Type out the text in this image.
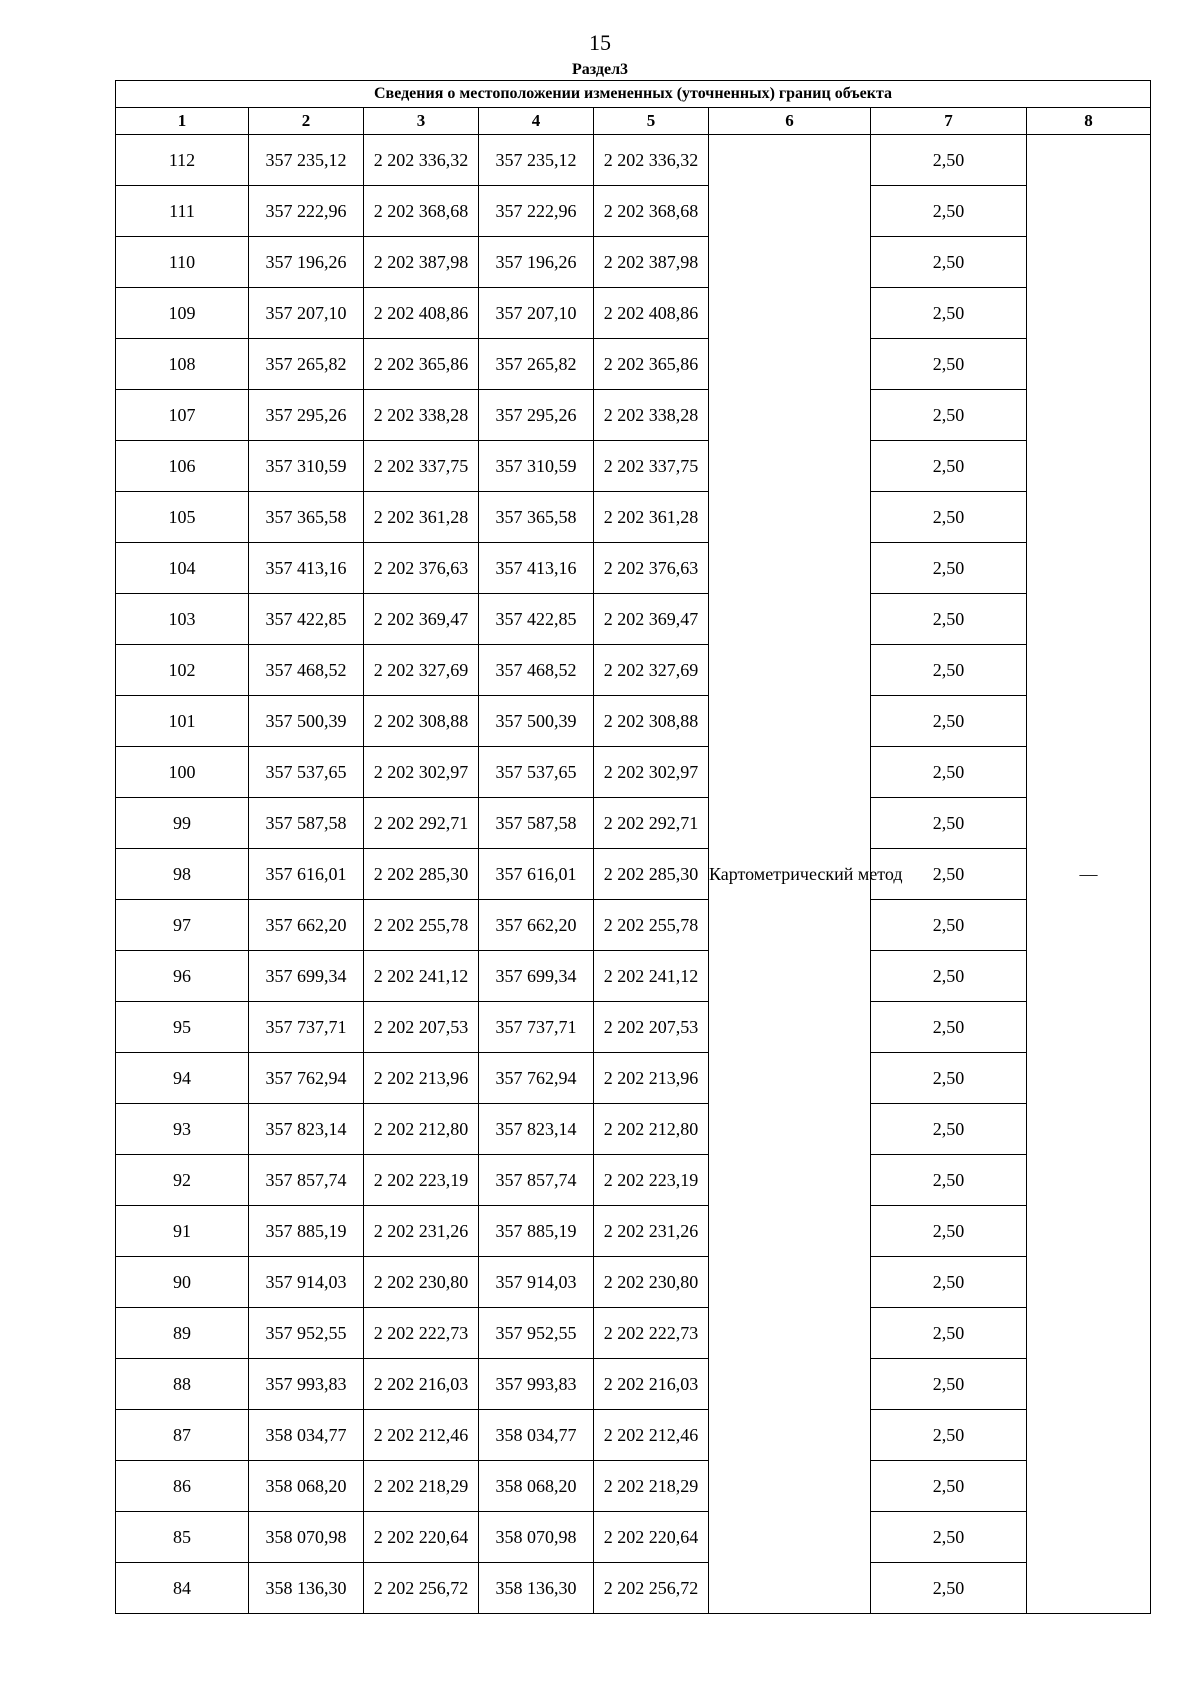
15
Раздел3
Сведения о местоположении измененных (уточненных) границ объекта							
1	2	3	4	5	6	7	8
112	357 235,12	2 202 336,32	357 235,12	2 202 336,32	Картометрический метод	2,50	—
111	357 222,96	2 202 368,68	357 222,96	2 202 368,68		2,50	
110	357 196,26	2 202 387,98	357 196,26	2 202 387,98		2,50	
109	357 207,10	2 202 408,86	357 207,10	2 202 408,86		2,50	
108	357 265,82	2 202 365,86	357 265,82	2 202 365,86		2,50	
107	357 295,26	2 202 338,28	357 295,26	2 202 338,28		2,50	
106	357 310,59	2 202 337,75	357 310,59	2 202 337,75		2,50	
105	357 365,58	2 202 361,28	357 365,58	2 202 361,28		2,50	
104	357 413,16	2 202 376,63	357 413,16	2 202 376,63		2,50	
103	357 422,85	2 202 369,47	357 422,85	2 202 369,47		2,50	
102	357 468,52	2 202 327,69	357 468,52	2 202 327,69		2,50	
101	357 500,39	2 202 308,88	357 500,39	2 202 308,88		2,50	
100	357 537,65	2 202 302,97	357 537,65	2 202 302,97		2,50	
99	357 587,58	2 202 292,71	357 587,58	2 202 292,71		2,50	
98	357 616,01	2 202 285,30	357 616,01	2 202 285,30		2,50	
97	357 662,20	2 202 255,78	357 662,20	2 202 255,78		2,50	
96	357 699,34	2 202 241,12	357 699,34	2 202 241,12		2,50	
95	357 737,71	2 202 207,53	357 737,71	2 202 207,53		2,50	
94	357 762,94	2 202 213,96	357 762,94	2 202 213,96		2,50	
93	357 823,14	2 202 212,80	357 823,14	2 202 212,80		2,50	
92	357 857,74	2 202 223,19	357 857,74	2 202 223,19		2,50	
91	357 885,19	2 202 231,26	357 885,19	2 202 231,26		2,50	
90	357 914,03	2 202 230,80	357 914,03	2 202 230,80		2,50	
89	357 952,55	2 202 222,73	357 952,55	2 202 222,73		2,50	
88	357 993,83	2 202 216,03	357 993,83	2 202 216,03		2,50	
87	358 034,77	2 202 212,46	358 034,77	2 202 212,46		2,50	
86	358 068,20	2 202 218,29	358 068,20	2 202 218,29		2,50	
85	358 070,98	2 202 220,64	358 070,98	2 202 220,64		2,50	
84	358 136,30	2 202 256,72	358 136,30	2 202 256,72		2,50	
